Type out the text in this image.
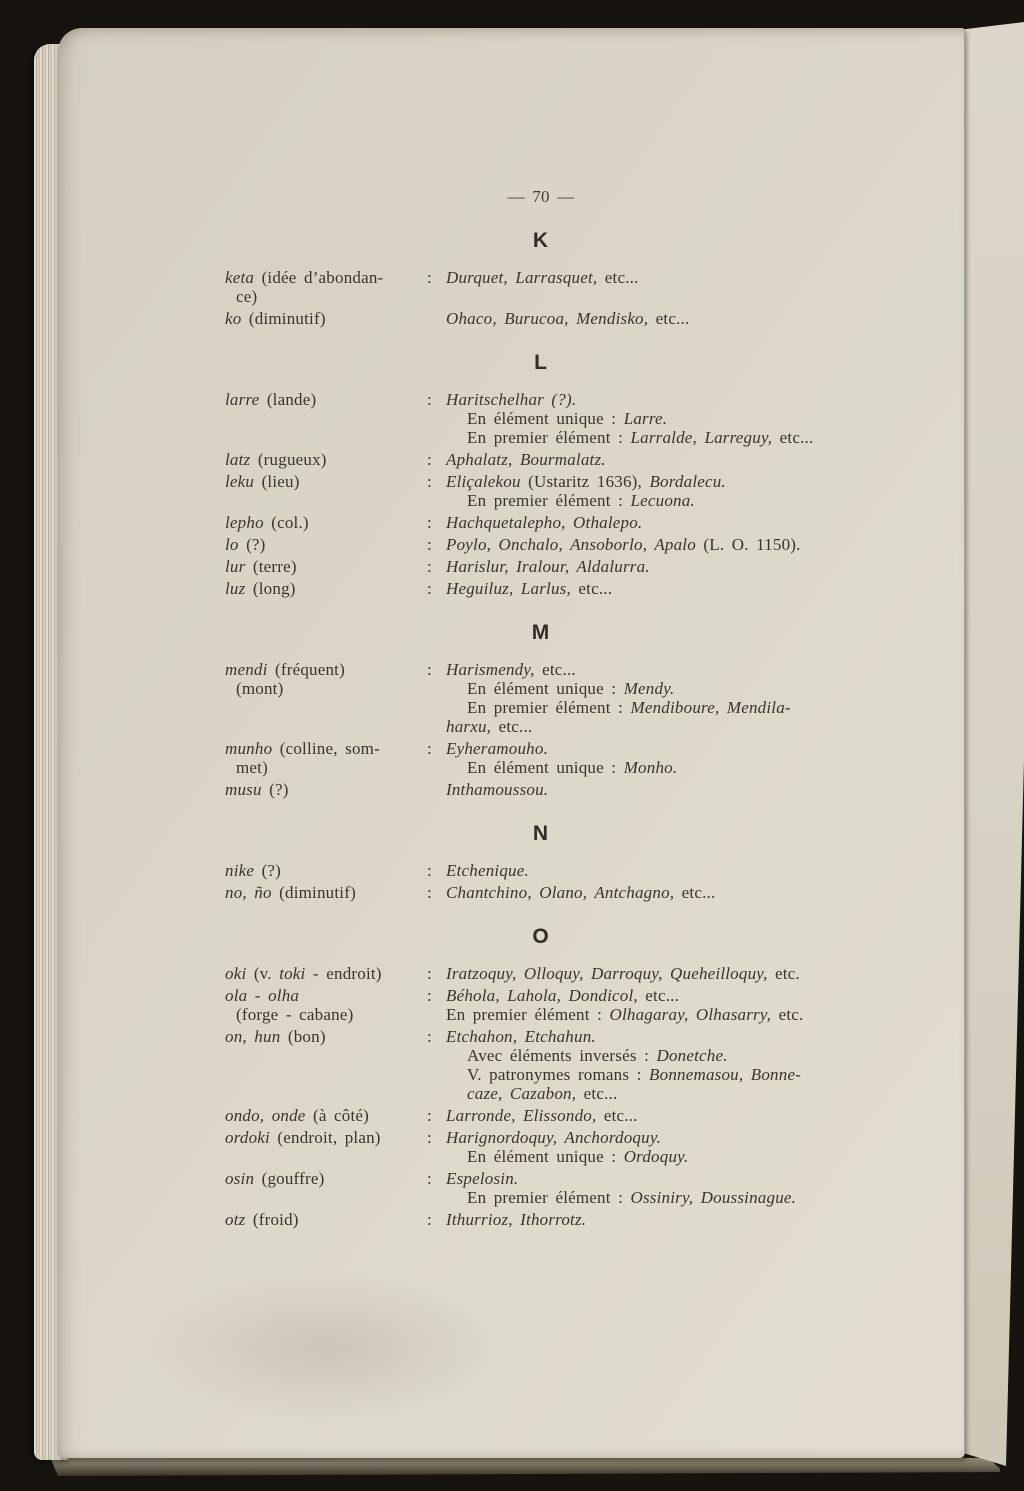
— 70 —
K
keta (idée d’abondan-
ce)
: Durquet, Larrasquet, etc...
ko (diminutif)	Ohaco, Burucoa, Mendisko, etc...
L
larre (lande)	: Haritschelhar (?).
En élément unique : Larre.
En premier élément : Larralde, Larreguy, etc...
latz (rugueux)	: Aphalatz, Bourmalatz.
leku (lieu)	: Eliçalekou (Ustaritz 1636), Bordalecu.
En premier élément : Lecuona.
lepho (col.)	: Hachquetalepho, Othalepo.
lo (?)	: Poylo, Onchalo, Ansoborlo, Apalo (L. O. 1150).
lur (terre)	: Harislur, Iralour, Aldalurra.
luz (long)	: Heguiluz, Larlus, etc...
M
mendi (fréquent)
(mont)
: Harismendy, etc...
En élément unique : Mendy.
En premier élément : Mendiboure, Mendila-
harxu, etc...
munho (colline, som-
met)
: Eyheramouho.
En élément unique : Monho.
musu (?)	Inthamoussou.
N
nike (?)	: Etchenique.
no, ño (diminutif)	: Chantchino, Olano, Antchagno, etc...
O
oki (v. toki - endroit)	: Iratzoquy, Olloquy, Darroquy, Queheilloquy, etc.
ola - olha
(forge - cabane)
: Béhola, Lahola, Dondicol, etc...
En premier élément : Olhagaray, Olhasarry, etc.
on, hun (bon)	: Etchahon, Etchahun.
Avec éléments inversés : Donetche.
V. patronymes romans : Bonnemasou, Bonne-
caze, Cazabon, etc...
ondo, onde (à côté)	: Larronde, Elissondo, etc...
ordoki (endroit, plan)	: Harignordoquy, Anchordoquy.
En élément unique : Ordoquy.
osin (gouffre)	: Espelosin.
En premier élément : Ossiniry, Doussinague.
otz (froid)	: Ithurrioz, Ithorrotz.
